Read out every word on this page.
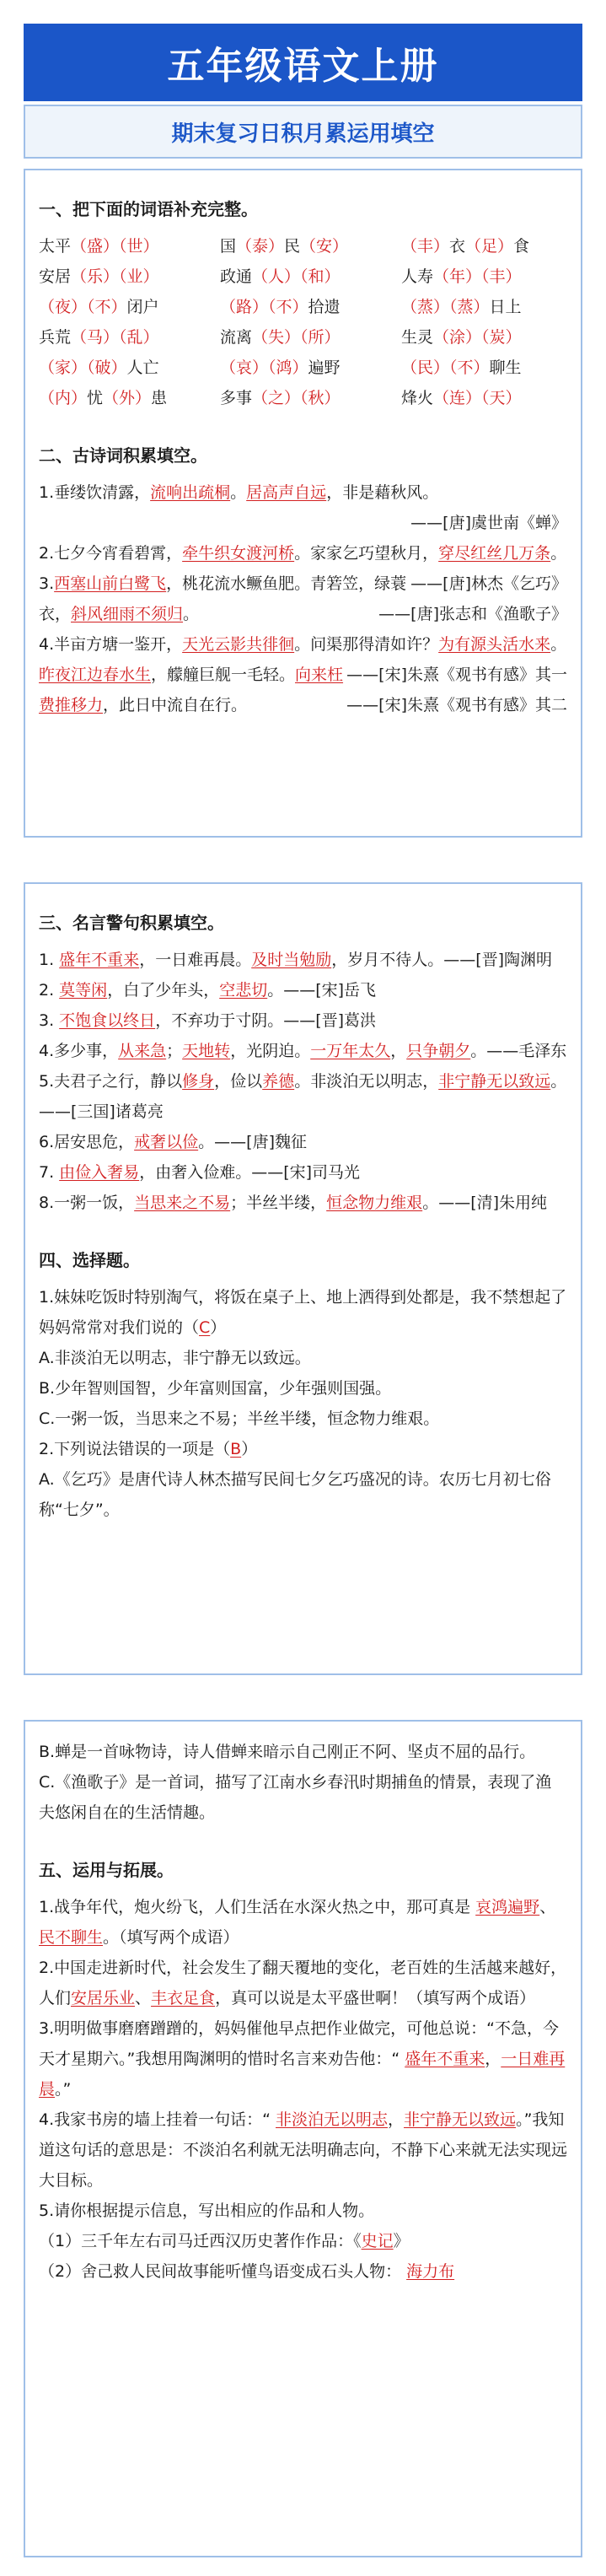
五年级语文上册
期末复习日积月累运用填空
一、把下面的词语补充完整。
太平（盛）（世）	国（泰）民（安）	（丰）衣（足）食
安居（乐）（业）	政通（人）（和）	人寿（年）（丰）
（夜）（不）闭户	（路）（不）拾遗	（蒸）（蒸）日上
兵荒（马）（乱）	流离（失）（所）	生灵（涂）（炭）
（家）（破）人亡	（哀）（鸿）遍野	（民）（不）聊生
（内）忧（外）患	多事（之）（秋）	烽火（连）（天）
二、古诗词积累填空。
1.垂缕饮清露，流响出疏桐。居高声自远，非是藉秋风。
——[唐]虞世南《蝉》
2.七夕今宵看碧霄，牵牛织女渡河桥。家家乞巧望秋月，穿尽红丝几万条。
——[唐]林杰《乞巧》
3.西塞山前白鹭飞，桃花流水鳜鱼肥。青箬笠，绿蓑衣，斜风细雨不须归。	——[唐]张志和《渔歌子》
4.半亩方塘一鉴开，天光云影共徘徊。问渠那得清如许？为有源头活水来。
——[宋]朱熹《观书有感》其一
昨夜江边春水生，艨艟巨舰一毛轻。向来枉费推移力，此日中流自在行。	——[宋]朱熹《观书有感》其二
三、名言警句积累填空。
1. 盛年不重来，一日难再晨。及时当勉励，岁月不待人。——[晋]陶渊明
2. 莫等闲，白了少年头，空悲切。——[宋]岳飞
3. 不饱食以终日，不弃功于寸阴。——[晋]葛洪
4.多少事，从来急；天地转，光阴迫。一万年太久，只争朝夕。——毛泽东
5.夫君子之行，静以修身，俭以养德。非淡泊无以明志，非宁静无以致远。——[三国]诸葛亮
6.居安思危，戒奢以俭。——[唐]魏征
7. 由俭入奢易，由奢入俭难。——[宋]司马光
8.一粥一饭，当思来之不易；半丝半缕，恒念物力维艰。——[清]朱用纯
四、选择题。
1.妹妹吃饭时特别淘气，将饭在桌子上、地上洒得到处都是，我不禁想起了妈妈常常对我们说的（C）
A.非淡泊无以明志，非宁静无以致远。
B.少年智则国智，少年富则国富，少年强则国强。
C.一粥一饭，当思来之不易；半丝半缕，恒念物力维艰。
2.下列说法错误的一项是（B）
A.《乞巧》是唐代诗人林杰描写民间七夕乞巧盛况的诗。农历七月初七俗称“七夕”。
B.蝉是一首咏物诗，诗人借蝉来暗示自己刚正不阿、坚贞不屈的品行。
C.《渔歌子》是一首词，描写了江南水乡春汛时期捕鱼的情景，表现了渔夫悠闲自在的生活情趣。
五、运用与拓展。
1.战争年代，炮火纷飞，人们生活在水深火热之中，那可真是 哀鸿遍野、民不聊生。（填写两个成语）
2.中国走进新时代，社会发生了翻天覆地的变化，老百姓的生活越来越好，人们安居乐业、丰衣足食，真可以说是太平盛世啊！（填写两个成语）
3.明明做事磨磨蹭蹭的，妈妈催他早点把作业做完，可他总说：“不急，今天才星期六。”我想用陶渊明的惜时名言来劝告他：“ 盛年不重来，一日难再晨。”
4.我家书房的墙上挂着一句话：“ 非淡泊无以明志，非宁静无以致远。”我知道这句话的意思是：不淡泊名利就无法明确志向，不静下心来就无法实现远大目标。
5.请你根据提示信息，写出相应的作品和人物。
（1）三千年左右司马迁西汉历史著作作品：《史记》
（2）舍己救人民间故事能听懂鸟语变成石头人物： 海力布
